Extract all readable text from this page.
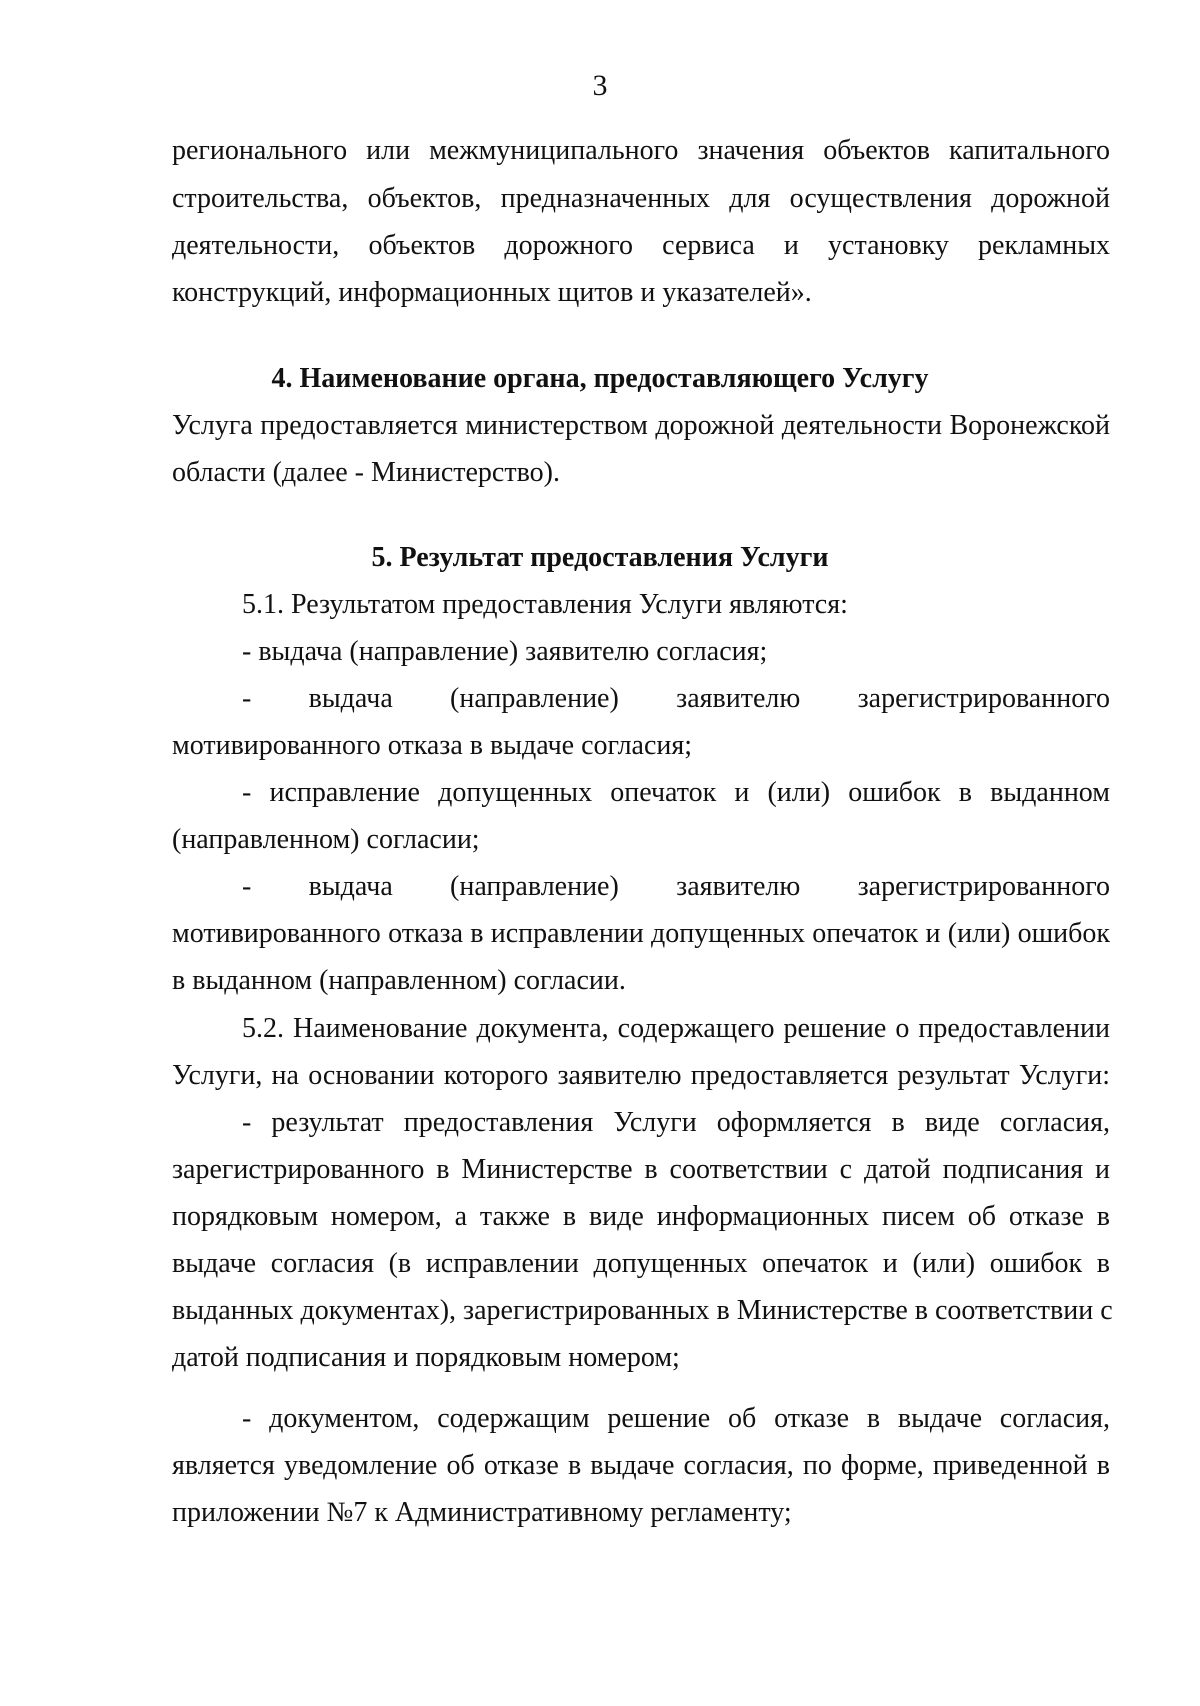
3
регионального или межмуниципального значения объектов капитального
строительства, объектов, предназначенных для осуществления дорожной
деятельности, объектов дорожного сервиса и установку рекламных
конструкций, информационных щитов и указателей».
4. Наименование органа, предоставляющего Услугу
Услуга предоставляется министерством дорожной деятельности Воронежской
области (далее - Министерство).
5. Результат предоставления Услуги
5.1. Результатом предоставления Услуги являются:
- выдача (направление) заявителю согласия;
- выдача (направление) заявителю зарегистрированного
мотивированного отказа в выдаче согласия;
- исправление допущенных опечаток и (или) ошибок в выданном
(направленном) согласии;
- выдача (направление) заявителю зарегистрированного
мотивированного отказа в исправлении допущенных опечаток и (или) ошибок
в выданном (направленном) согласии.
5.2. Наименование документа, содержащего решение о предоставлении
Услуги, на основании которого заявителю предоставляется результат Услуги:
- результат предоставления Услуги оформляется в виде согласия,
зарегистрированного в Министерстве в соответствии с датой подписания и
порядковым номером, а также в виде информационных писем об отказе в
выдаче согласия (в исправлении допущенных опечаток и (или) ошибок в
выданных документах), зарегистрированных в Министерстве в соответствии с
датой подписания и порядковым номером;
- документом, содержащим решение об отказе в выдаче согласия,
является уведомление об отказе в выдаче согласия, по форме, приведенной в
приложении №7 к Административному регламенту;
